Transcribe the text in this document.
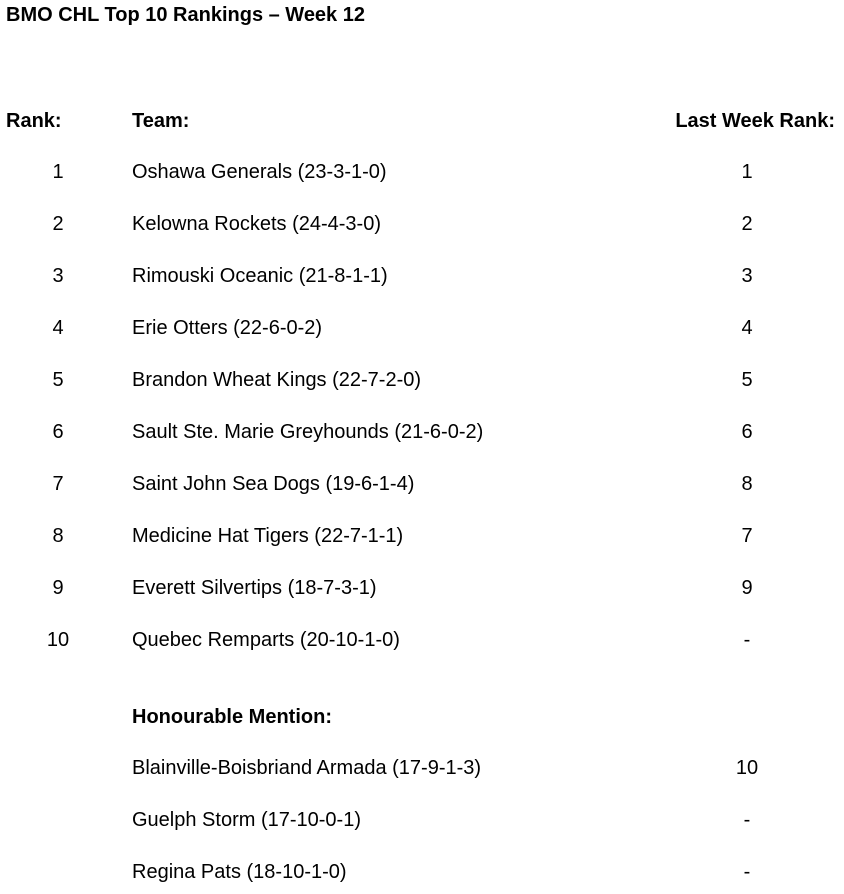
BMO CHL Top 10 Rankings – Week 12
Rank:	Team:	Last Week Rank:
1	Oshawa Generals (23-3-1-0)	1
2	Kelowna Rockets (24-4-3-0)	2
3	Rimouski Oceanic (21-8-1-1)	3
4	Erie Otters (22-6-0-2)	4
5	Brandon Wheat Kings (22-7-2-0)	5
6	Sault Ste. Marie Greyhounds (21-6-0-2)	6
7	Saint John Sea Dogs (19-6-1-4)	8
8	Medicine Hat Tigers (22-7-1-1)	7
9	Everett Silvertips (18-7-3-1)	9
10	Quebec Remparts (20-10-1-0)	-
Honourable Mention:
Blainville-Boisbriand Armada (17-9-1-3)	10
Guelph Storm (17-10-0-1)	-
Regina Pats (18-10-1-0)	-
